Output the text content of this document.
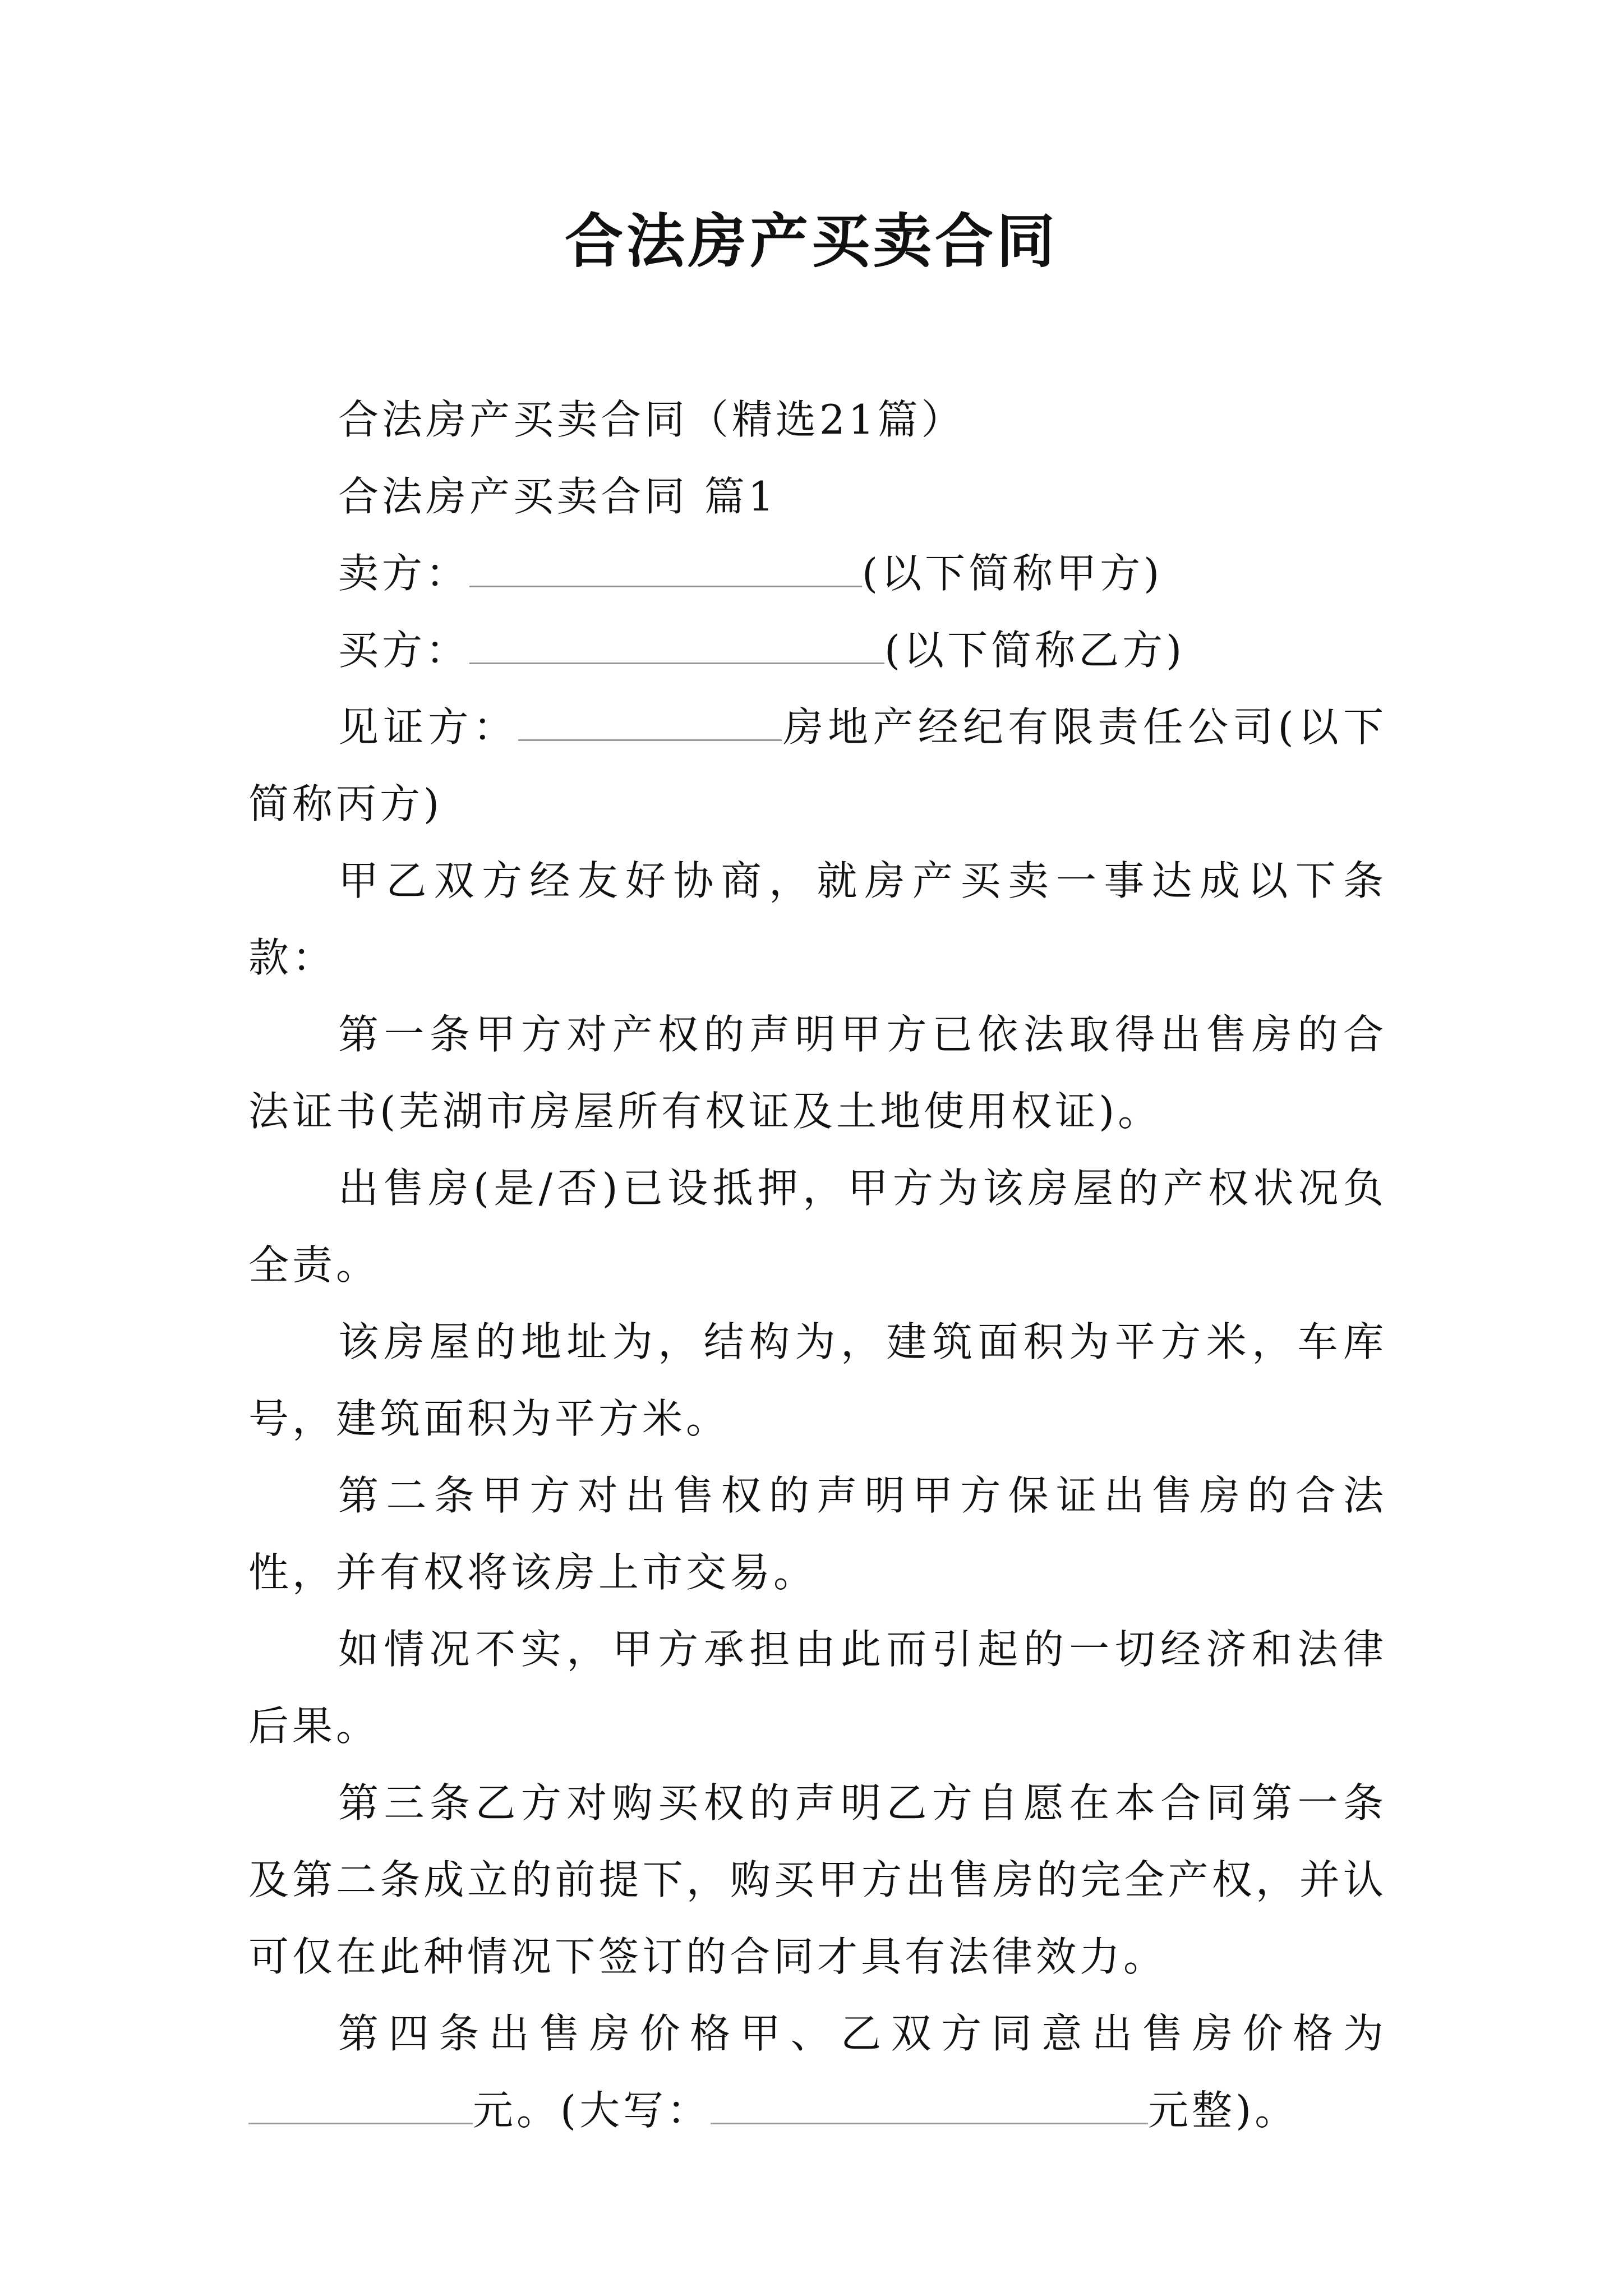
合法房产买卖合同

合法房产买卖合同（精选21篇）

合法房产买卖合同 篇1

卖方：	(以下简称甲方)

买方：	(以下简称乙方)

见证方：	房地产经纪有限责任公司(以下简称丙方)

甲乙双方经友好协商，就房产买卖一事达成以下条款：

第一条甲方对产权的声明甲方已依法取得出售房的合法证书(芜湖市房屋所有权证及土地使用权证)。

出售房(是/否)已设抵押，甲方为该房屋的产权状况负全责。

该房屋的地址为，结构为，建筑面积为平方米，车库号，建筑面积为平方米。

第二条甲方对出售权的声明甲方保证出售房的合法性，并有权将该房上市交易。

如情况不实，甲方承担由此而引起的一切经济和法律后果。

第三条乙方对购买权的声明乙方自愿在本合同第一条及第二条成立的前提下，购买甲方出售房的完全产权，并认可仅在此种情况下签订的合同才具有法律效力。

第四条出售房价格甲、乙双方同意出售房价格为元。(大写：	元整)。
